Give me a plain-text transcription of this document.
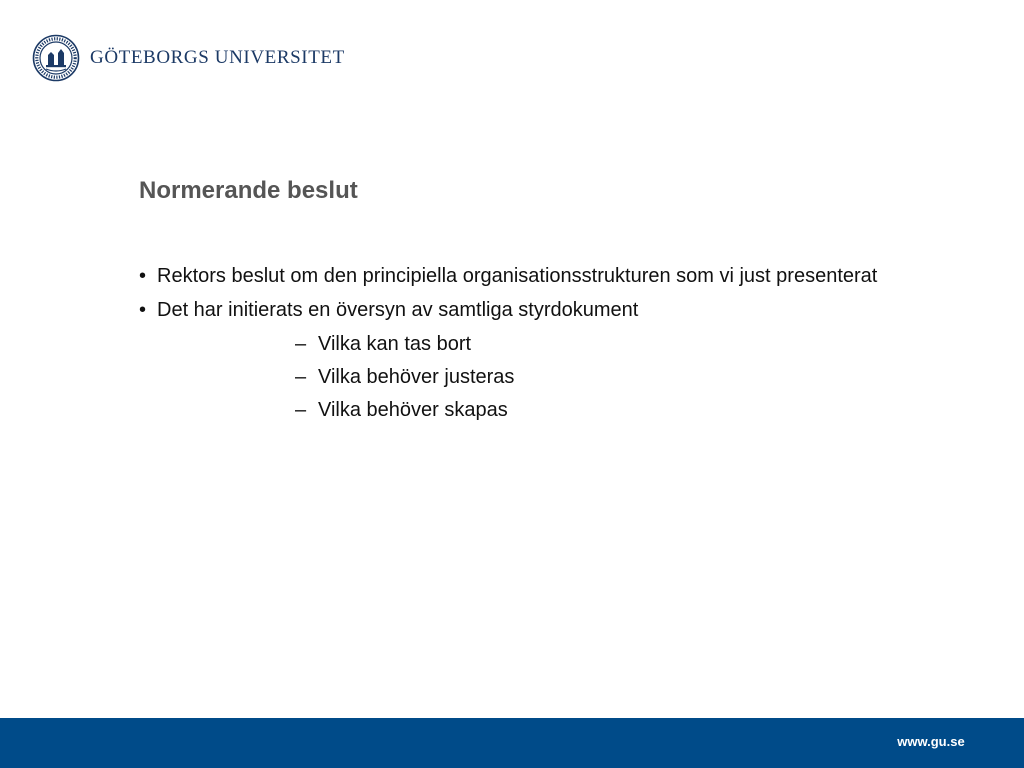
GÖTEBORGS UNIVERSITET
Normerande beslut
• Rektors beslut om den principiella organisationsstrukturen som vi just presenterat
• Det har initierats en översyn av samtliga styrdokument
– Vilka kan tas bort
– Vilka behöver justeras
– Vilka behöver skapas
www.gu.se
